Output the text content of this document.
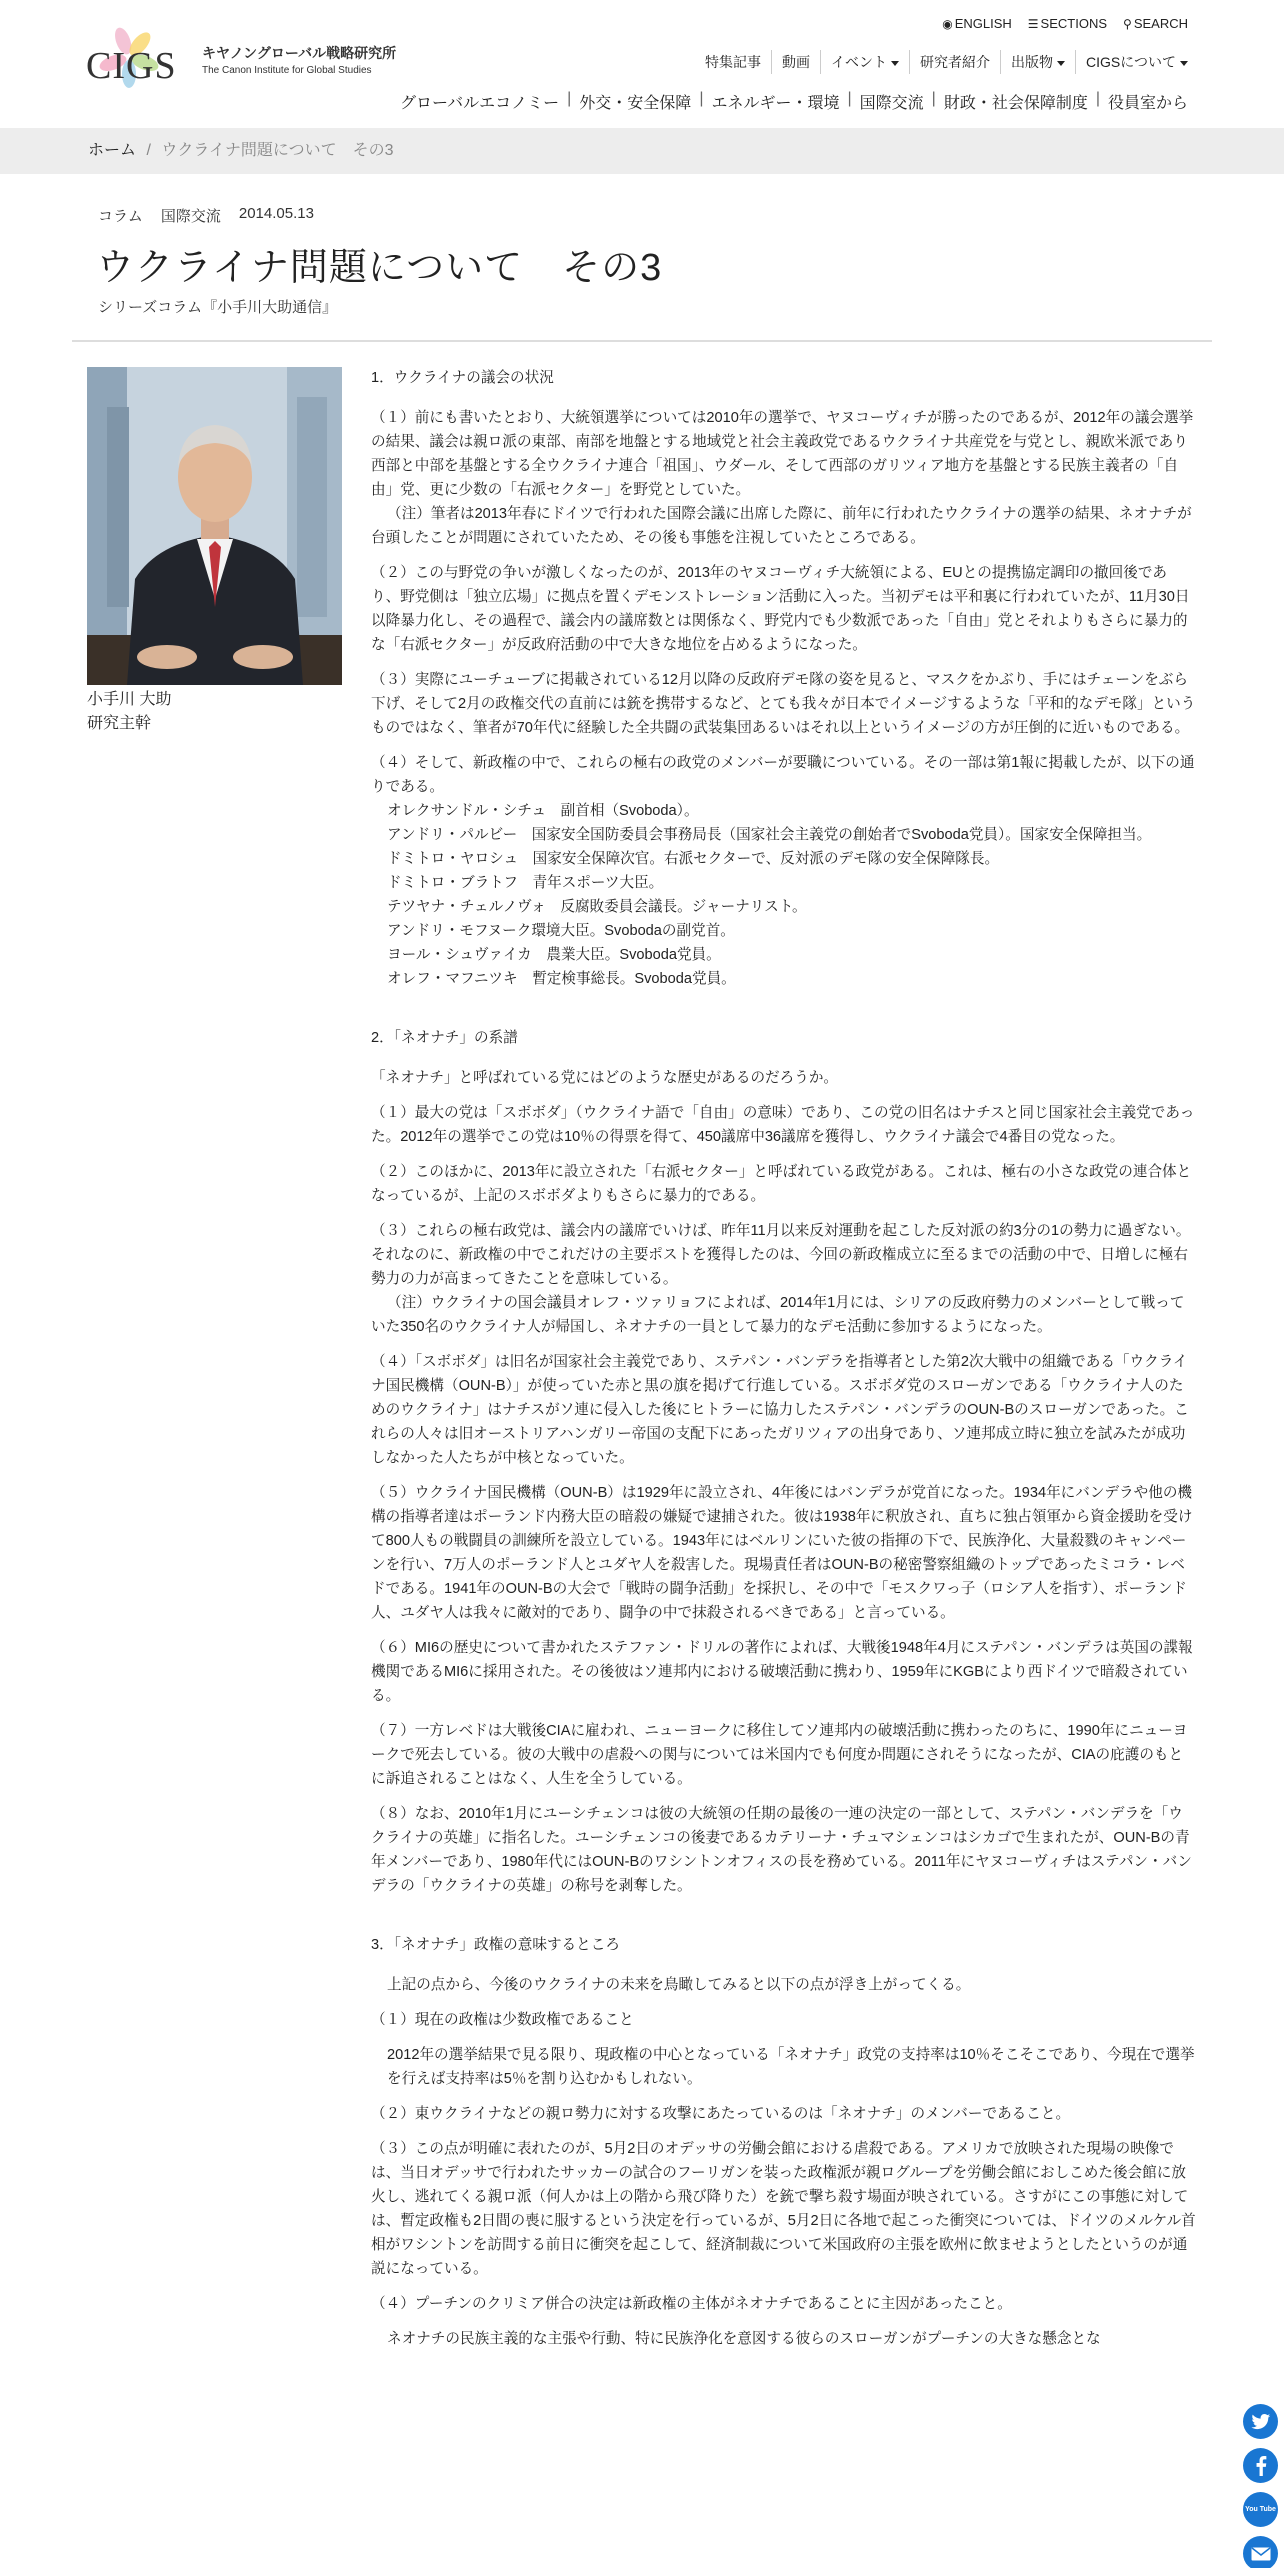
CIGS キヤノングローバル戦略研究所
The Canon Institute for Global Studies
◉ ENGLISH ☰ SECTIONS ⚲ SEARCH
特集記事	動画	イベント	研究者紹介	出版物	CIGSについて
グローバルエコノミー | 外交・安全保障 | エネルギー・環境 | 国際交流 | 財政・社会保障制度 | 役員室から
ホーム / ウクライナ問題について　その3
コラム 国際交流 2014.05.13
ウクライナ問題について　その3
シリーズコラム『小手川大助通信』
小手川 大助
研究主幹

1．ウクライナの議会の状況

（１）前にも書いたとおり、大統領選挙については2010年の選挙で、ヤヌコーヴィチが勝ったのであるが、2012年の議会選挙の結果、議会は親ロ派の東部、南部を地盤とする地域党と社会主義政党であるウクライナ共産党を与党とし、親欧米派であり西部と中部を基盤とする全ウクライナ連合「祖国」、ウダール、そして西部のガリツィア地方を基盤とする民族主義者の「自由」党、更に少数の「右派セクター」を野党としていた。
（注）筆者は2013年春にドイツで行われた国際会議に出席した際に、前年に行われたウクライナの選挙の結果、ネオナチが台頭したことが問題にされていたため、その後も事態を注視していたところである。

（２）この与野党の争いが激しくなったのが、2013年のヤヌコーヴィチ大統領による、EUとの提携協定調印の撤回後であり、野党側は「独立広場」に拠点を置くデモンストレーション活動に入った。当初デモは平和裏に行われていたが、11月30日以降暴力化し、その過程で、議会内の議席数とは関係なく、野党内でも少数派であった「自由」党とそれよりもさらに暴力的な「右派セクター」が反政府活動の中で大きな地位を占めるようになった。

（３）実際にユーチューブに掲載されている12月以降の反政府デモ隊の姿を見ると、マスクをかぶり、手にはチェーンをぶら下げ、そして2月の政権交代の直前には銃を携帯するなど、とても我々が日本でイメージするような「平和的なデモ隊」というものではなく、筆者が70年代に経験した全共闘の武装集団あるいはそれ以上というイメージの方が圧倒的に近いものである。

（４）そして、新政権の中で、これらの極右の政党のメンバーが要職についている。その一部は第1報に掲載したが、以下の通りである。
オレクサンドル・シチュ　副首相（Svoboda）。
アンドリ・パルビー　国家安全国防委員会事務局長（国家社会主義党の創始者でSvoboda党員）。国家安全保障担当。
ドミトロ・ヤロシュ　国家安全保障次官。右派セクターで、反対派のデモ隊の安全保障隊長。
ドミトロ・ブラトフ　青年スポーツ大臣。
テツヤナ・チェルノヴォ　反腐敗委員会議長。ジャーナリスト。
アンドリ・モフヌーク環境大臣。Svobodaの副党首。
ヨール・シュヴァイカ　農業大臣。Svoboda党員。
オレフ・マフニツキ　暫定検事総長。Svoboda党員。

2．「ネオナチ」の系譜

「ネオナチ」と呼ばれている党にはどのような歴史があるのだろうか。

（１）最大の党は「スボボダ」（ウクライナ語で「自由」の意味）であり、この党の旧名はナチスと同じ国家社会主義党であった。2012年の選挙でこの党は10％の得票を得て、450議席中36議席を獲得し、ウクライナ議会で4番目の党なった。

（２）このほかに、2013年に設立された「右派セクター」と呼ばれている政党がある。これは、極右の小さな政党の連合体となっているが、上記のスボボダよりもさらに暴力的である。

（３）これらの極右政党は、議会内の議席でいけば、昨年11月以来反対運動を起こした反対派の約3分の1の勢力に過ぎない。それなのに、新政権の中でこれだけの主要ポストを獲得したのは、今回の新政権成立に至るまでの活動の中で、日増しに極右勢力の力が高まってきたことを意味している。
（注）ウクライナの国会議員オレフ・ツァリョフによれば、2014年1月には、シリアの反政府勢力のメンバーとして戦っていた350名のウクライナ人が帰国し、ネオナチの一員として暴力的なデモ活動に参加するようになった。

（４）「スボボダ」は旧名が国家社会主義党であり、ステパン・バンデラを指導者とした第2次大戦中の組織である「ウクライナ国民機構（OUN-B）」が使っていた赤と黒の旗を掲げて行進している。スボボダ党のスローガンである「ウクライナ人のためのウクライナ」はナチスがソ連に侵入した後にヒトラーに協力したステパン・バンデラのOUN-Bのスローガンであった。これらの人々は旧オーストリアハンガリー帝国の支配下にあったガリツィアの出身であり、ソ連邦成立時に独立を試みたが成功しなかった人たちが中核となっていた。

（５）ウクライナ国民機構（OUN-B）は1929年に設立され、4年後にはバンデラが党首になった。1934年にバンデラや他の機構の指導者達はポーランド内務大臣の暗殺の嫌疑で逮捕された。彼は1938年に釈放され、直ちに独占領軍から資金援助を受けて800人もの戦闘員の訓練所を設立している。1943年にはベルリンにいた彼の指揮の下で、民族浄化、大量殺戮のキャンペーンを行い、7万人のポーランド人とユダヤ人を殺害した。現場責任者はOUN-Bの秘密警察組織のトップであったミコラ・レベドである。1941年のOUN-Bの大会で「戦時の闘争活動」を採択し、その中で「モスクワっ子（ロシア人を指す）、ポーランド人、ユダヤ人は我々に敵対的であり、闘争の中で抹殺されるべきである」と言っている。

（６）MI6の歴史について書かれたステファン・ドリルの著作によれば、大戦後1948年4月にステパン・バンデラは英国の諜報機関であるMI6に採用された。その後彼はソ連邦内における破壊活動に携わり、1959年にKGBにより西ドイツで暗殺されている。

（７）一方レベドは大戦後CIAに雇われ、ニューヨークに移住してソ連邦内の破壊活動に携わったのちに、1990年にニューヨークで死去している。彼の大戦中の虐殺への関与については米国内でも何度か問題にされそうになったが、CIAの庇護のもとに訴追されることはなく、人生を全うしている。

（８）なお、2010年1月にユーシチェンコは彼の大統領の任期の最後の一連の決定の一部として、ステパン・バンデラを「ウクライナの英雄」に指名した。ユーシチェンコの後妻であるカテリーナ・チュマシェンコはシカゴで生まれたが、OUN-Bの青年メンバーであり、1980年代にはOUN-Bのワシントンオフィスの長を務めている。2011年にヤヌコーヴィチはステパン・バンデラの「ウクライナの英雄」の称号を剥奪した。

3．「ネオナチ」政権の意味するところ

上記の点から、今後のウクライナの未来を鳥瞰してみると以下の点が浮き上がってくる。

（１）現在の政権は少数政権であること

2012年の選挙結果で見る限り、現政権の中心となっている「ネオナチ」政党の支持率は10％そこそこであり、今現在で選挙を行えば支持率は5％を割り込むかもしれない。

（２）東ウクライナなどの親ロ勢力に対する攻撃にあたっているのは「ネオナチ」のメンバーであること。

（３）この点が明確に表れたのが、5月2日のオデッサの労働会館における虐殺である。アメリカで放映された現場の映像では、当日オデッサで行われたサッカーの試合のフーリガンを装った政権派が親ログループを労働会館におしこめた後会館に放火し、逃れてくる親ロ派（何人かは上の階から飛び降りた）を銃で撃ち殺す場面が映されている。さすがにこの事態に対しては、暫定政権も2日間の喪に服するという決定を行っているが、5月2日に各地で起こった衝突については、ドイツのメルケル首相がワシントンを訪問する前日に衝突を起こして、経済制裁について米国政府の主張を欧州に飲ませようとしたというのが通説になっている。

（４）プーチンのクリミア併合の決定は新政権の主体がネオナチであることに主因があったこと。

ネオナチの民族主義的な主張や行動、特に民族浄化を意図する彼らのスローガンがプーチンの大きな懸念とな

You Tube
